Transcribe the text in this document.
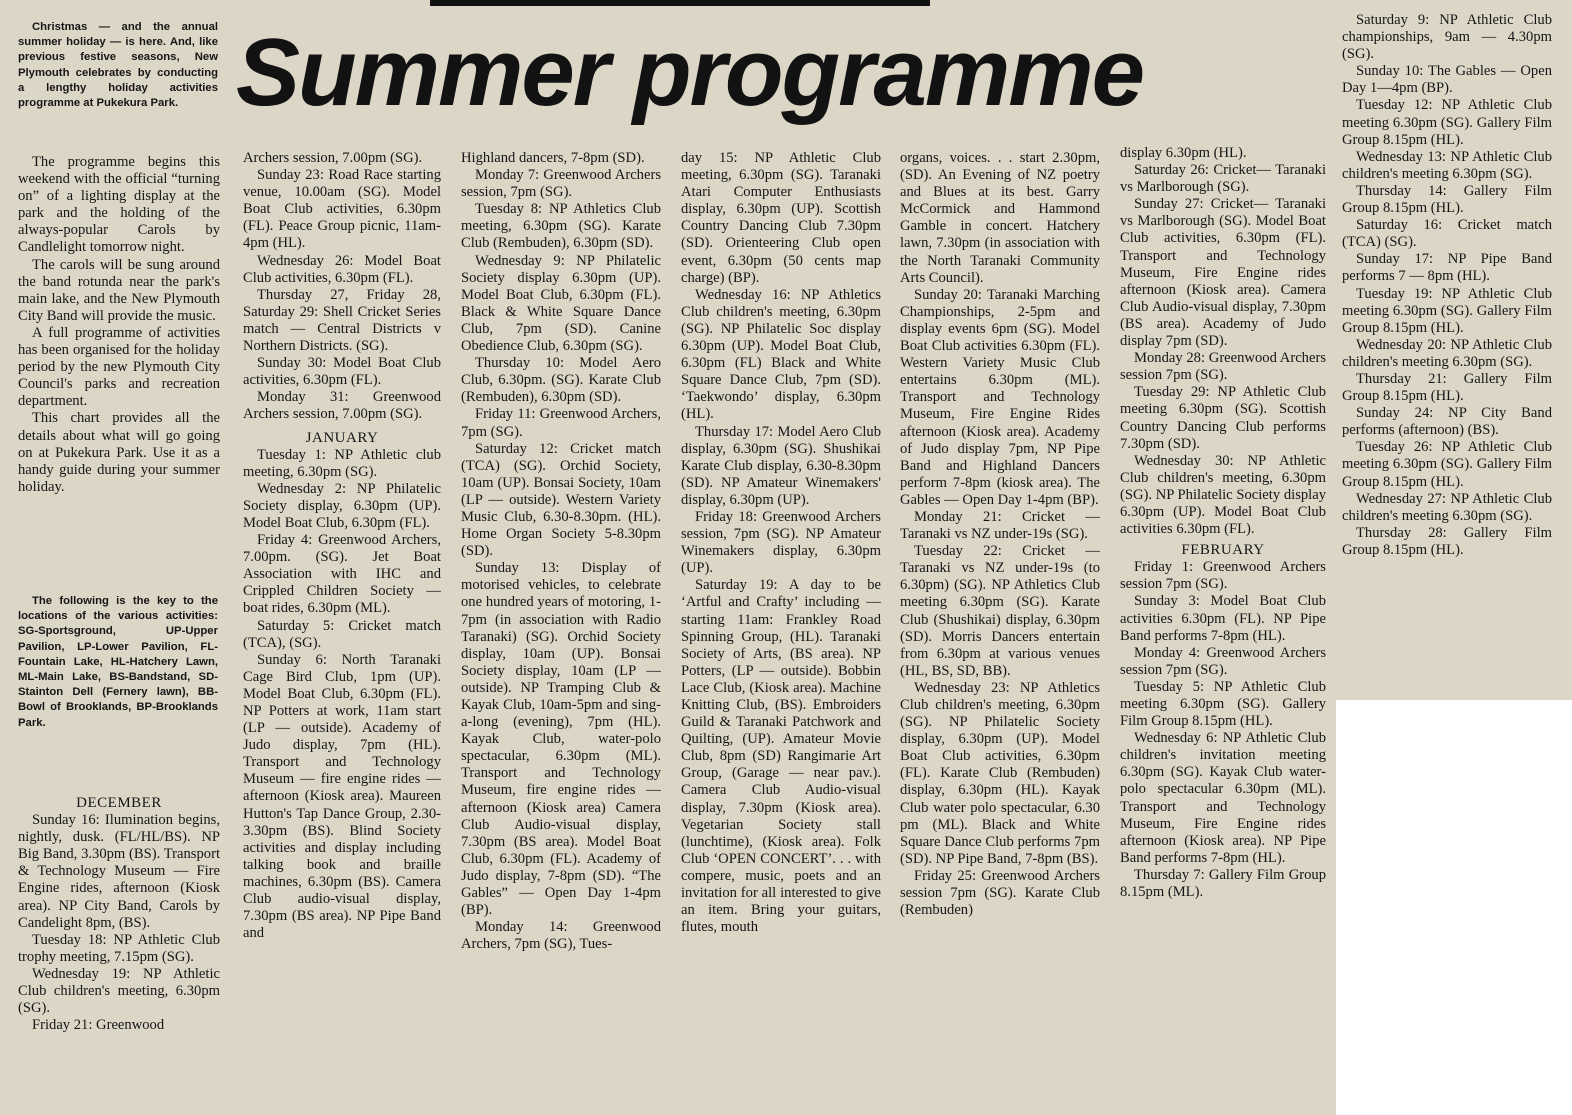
Summer programme

Christmas — and the annual summer holiday — is here. And, like previous festive seasons, New Plymouth celebrates by conducting a lengthy holiday activities programme at Pukekura Park.

The programme begins this weekend with the official “turning on” of a lighting display at the park and the holding of the always-popular Carols by Candlelight tomorrow night.

The carols will be sung around the band rotunda near the park's main lake, and the New Plymouth City Band will provide the music.

A full programme of activities has been organised for the holiday period by the new Plymouth City Council's parks and recreation department.

This chart provides all the details about what will go going on at Pukekura Park. Use it as a handy guide during your summer holiday.

The following is the key to the locations of the various activities: SG-Sportsground, UP-Upper Pavilion, LP-Lower Pavilion, FL-Fountain Lake, HL-Hatchery Lawn, ML-Main Lake, BS-Bandstand, SD-Stainton Dell (Fernery lawn), BB-Bowl of Brooklands, BP-Brooklands Park.

DECEMBER

Sunday 16: Ilumination begins, nightly, dusk. (FL/HL/BS). NP Big Band, 3.30pm (BS). Transport & Technology Museum — Fire Engine rides, afternoon (Kiosk area). NP City Band, Carols by Candelight 8pm, (BS).

Tuesday 18: NP Athletic Club trophy meeting, 7.15pm (SG).

Wednesday 19: NP Athletic Club children's meeting, 6.30pm (SG).

Friday 21: Greenwood

Archers session, 7.00pm (SG).

Sunday 23: Road Race starting venue, 10.00am (SG). Model Boat Club activities, 6.30pm (FL). Peace Group picnic, 11am-4pm (HL).

Wednesday 26: Model Boat Club activities, 6.30pm (FL).

Thursday 27, Friday 28, Saturday 29: Shell Cricket Series match — Central Districts v Northern Districts. (SG).

Sunday 30: Model Boat Club activities, 6.30pm (FL).

Monday 31: Greenwood Archers session, 7.00pm (SG).

JANUARY

Tuesday 1: NP Athletic club meeting, 6.30pm (SG).

Wednesday 2: NP Philatelic Society display, 6.30pm (UP). Model Boat Club, 6.30pm (FL).

Friday 4: Greenwood Archers, 7.00pm. (SG). Jet Boat Association with IHC and Crippled Children Society — boat rides, 6.30pm (ML).

Saturday 5: Cricket match (TCA), (SG).

Sunday 6: North Taranaki Cage Bird Club, 1pm (UP). Model Boat Club, 6.30pm (FL). NP Potters at work, 11am start (LP — outside). Academy of Judo display, 7pm (HL). Transport and Technology Museum — fire engine rides — afternoon (Kiosk area). Maureen Hutton's Tap Dance Group, 2.30-3.30pm (BS). Blind Society activities and display including talking book and braille machines, 6.30pm (BS). Camera Club audio-visual display, 7.30pm (BS area). NP Pipe Band and

Highland dancers, 7-8pm (SD).

Monday 7: Greenwood Archers session, 7pm (SG).

Tuesday 8: NP Athletics Club meeting, 6.30pm (SG). Karate Club (Rembuden), 6.30pm (SD).

Wednesday 9: NP Philatelic Society display 6.30pm (UP). Model Boat Club, 6.30pm (FL). Black & White Square Dance Club, 7pm (SD). Canine Obedience Club, 6.30pm (SG).

Thursday 10: Model Aero Club, 6.30pm. (SG). Karate Club (Rembuden), 6.30pm (SD).

Friday 11: Greenwood Archers, 7pm (SG).

Saturday 12: Cricket match (TCA) (SG). Orchid Society, 10am (UP). Bonsai Society, 10am (LP — outside). Western Variety Music Club, 6.30-8.30pm. (HL). Home Organ Society 5-8.30pm (SD).

Sunday 13: Display of motorised vehicles, to celebrate one hundred years of motoring, 1-7pm (in association with Radio Taranaki) (SG). Orchid Society display, 10am (UP). Bonsai Society display, 10am (LP — outside). NP Tramping Club & Kayak Club, 10am-5pm and sing-a-long (evening), 7pm (HL). Kayak Club, water-polo spectacular, 6.30pm (ML). Transport and Technology Museum, fire engine rides — afternoon (Kiosk area) Camera Club Audio-visual display, 7.30pm (BS area). Model Boat Club, 6.30pm (FL). Academy of Judo display, 7-8pm (SD). “The Gables” — Open Day 1-4pm (BP).

Monday 14: Greenwood Archers, 7pm (SG), Tues-

day 15: NP Athletic Club meeting, 6.30pm (SG). Taranaki Atari Computer Enthusiasts display, 6.30pm (UP). Scottish Country Dancing Club 7.30pm (SD). Orienteering Club open event, 6.30pm (50 cents map charge) (BP).

Wednesday 16: NP Athletics Club children's meeting, 6.30pm (SG). NP Philatelic Soc display 6.30pm (UP). Model Boat Club, 6.30pm (FL) Black and White Square Dance Club, 7pm (SD). ‘Taekwondo’ display, 6.30pm (HL).

Thursday 17: Model Aero Club display, 6.30pm (SG). Shushikai Karate Club display, 6.30-8.30pm (SD). NP Amateur Winemakers' display, 6.30pm (UP).

Friday 18: Greenwood Archers session, 7pm (SG). NP Amateur Winemakers display, 6.30pm (UP).

Saturday 19: A day to be ‘Artful and Crafty’ including — starting 11am: Frankley Road Spinning Group, (HL). Taranaki Society of Arts, (BS area). NP Potters, (LP — outside). Bobbin Lace Club, (Kiosk area). Machine Knitting Club, (BS). Embroiders Guild & Taranaki Patchwork and Quilting, (UP). Amateur Movie Club, 8pm (SD) Rangimarie Art Group, (Garage — near pav.). Camera Club Audio-visual display, 7.30pm (Kiosk area). Vegetarian Society stall (lunchtime), (Kiosk area). Folk Club ‘OPEN CONCERT’. . . with compere, music, poets and an invitation for all interested to give an item. Bring your guitars, flutes, mouth

organs, voices. . . start 2.30pm, (SD). An Evening of NZ poetry and Blues at its best. Garry McCormick and Hammond Gamble in concert. Hatchery lawn, 7.30pm (in association with the North Taranaki Community Arts Council).

Sunday 20: Taranaki Marching Championships, 2-5pm and display events 6pm (SG). Model Boat Club activities 6.30pm (FL). Western Variety Music Club entertains 6.30pm (ML). Transport and Technology Museum, Fire Engine Rides afternoon (Kiosk area). Academy of Judo display 7pm, NP Pipe Band and Highland Dancers perform 7-8pm (kiosk area). The Gables — Open Day 1-4pm (BP).

Monday 21: Cricket — Taranaki vs NZ under-19s (SG).

Tuesday 22: Cricket — Taranaki vs NZ under-19s (to 6.30pm) (SG). NP Athletics Club meeting 6.30pm (SG). Karate Club (Shushikai) display, 6.30pm (SD). Morris Dancers entertain from 6.30pm at various venues (HL, BS, SD, BB).

Wednesday 23: NP Athletics Club children's meeting, 6.30pm (SG). NP Philatelic Society display, 6.30pm (UP). Model Boat Club activities, 6.30pm (FL). Karate Club (Rembuden) display, 6.30pm (HL). Kayak Club water polo spectacular, 6.30 pm (ML). Black and White Square Dance Club performs 7pm (SD). NP Pipe Band, 7-8pm (BS).

Friday 25: Greenwood Archers session 7pm (SG). Karate Club (Rembuden)

display 6.30pm (HL).

Saturday 26: Cricket— Taranaki vs Marlborough (SG).

Sunday 27: Cricket— Taranaki vs Marlborough (SG). Model Boat Club activities, 6.30pm (FL). Transport and Technology Museum, Fire Engine rides afternoon (Kiosk area). Camera Club Audio-visual display, 7.30pm (BS area). Academy of Judo display 7pm (SD).

Monday 28: Greenwood Archers session 7pm (SG).

Tuesday 29: NP Athletic Club meeting 6.30pm (SG). Scottish Country Dancing Club performs 7.30pm (SD).

Wednesday 30: NP Athletic Club children's meeting, 6.30pm (SG). NP Philatelic Society display 6.30pm (UP). Model Boat Club activities 6.30pm (FL).

FEBRUARY

Friday 1: Greenwood Archers session 7pm (SG).

Sunday 3: Model Boat Club activities 6.30pm (FL). NP Pipe Band performs 7-8pm (HL).

Monday 4: Greenwood Archers session 7pm (SG).

Tuesday 5: NP Athletic Club meeting 6.30pm (SG). Gallery Film Group 8.15pm (HL).

Wednesday 6: NP Athletic Club children's invitation meeting 6.30pm (SG). Kayak Club water-polo spectacular 6.30pm (ML). Transport and Technology Museum, Fire Engine rides afternoon (Kiosk area). NP Pipe Band performs 7-8pm (HL).

Thursday 7: Gallery Film Group 8.15pm (ML).

Saturday 9: NP Athletic Club championships, 9am — 4.30pm (SG).

Sunday 10: The Gables — Open Day 1—4pm (BP).

Tuesday 12: NP Athletic Club meeting 6.30pm (SG). Gallery Film Group 8.15pm (HL).

Wednesday 13: NP Athletic Club children's meeting 6.30pm (SG).

Thursday 14: Gallery Film Group 8.15pm (HL).

Saturday 16: Cricket match (TCA) (SG).

Sunday 17: NP Pipe Band performs 7 — 8pm (HL).

Tuesday 19: NP Athletic Club meeting 6.30pm (SG). Gallery Film Group 8.15pm (HL).

Wednesday 20: NP Athletic Club children's meeting 6.30pm (SG).

Thursday 21: Gallery Film Group 8.15pm (HL).

Sunday 24: NP City Band performs (afternoon) (BS).

Tuesday 26: NP Athletic Club meeting 6.30pm (SG). Gallery Film Group 8.15pm (HL).

Wednesday 27: NP Athletic Club children's meeting 6.30pm (SG).

Thursday 28: Gallery Film Group 8.15pm (HL).
